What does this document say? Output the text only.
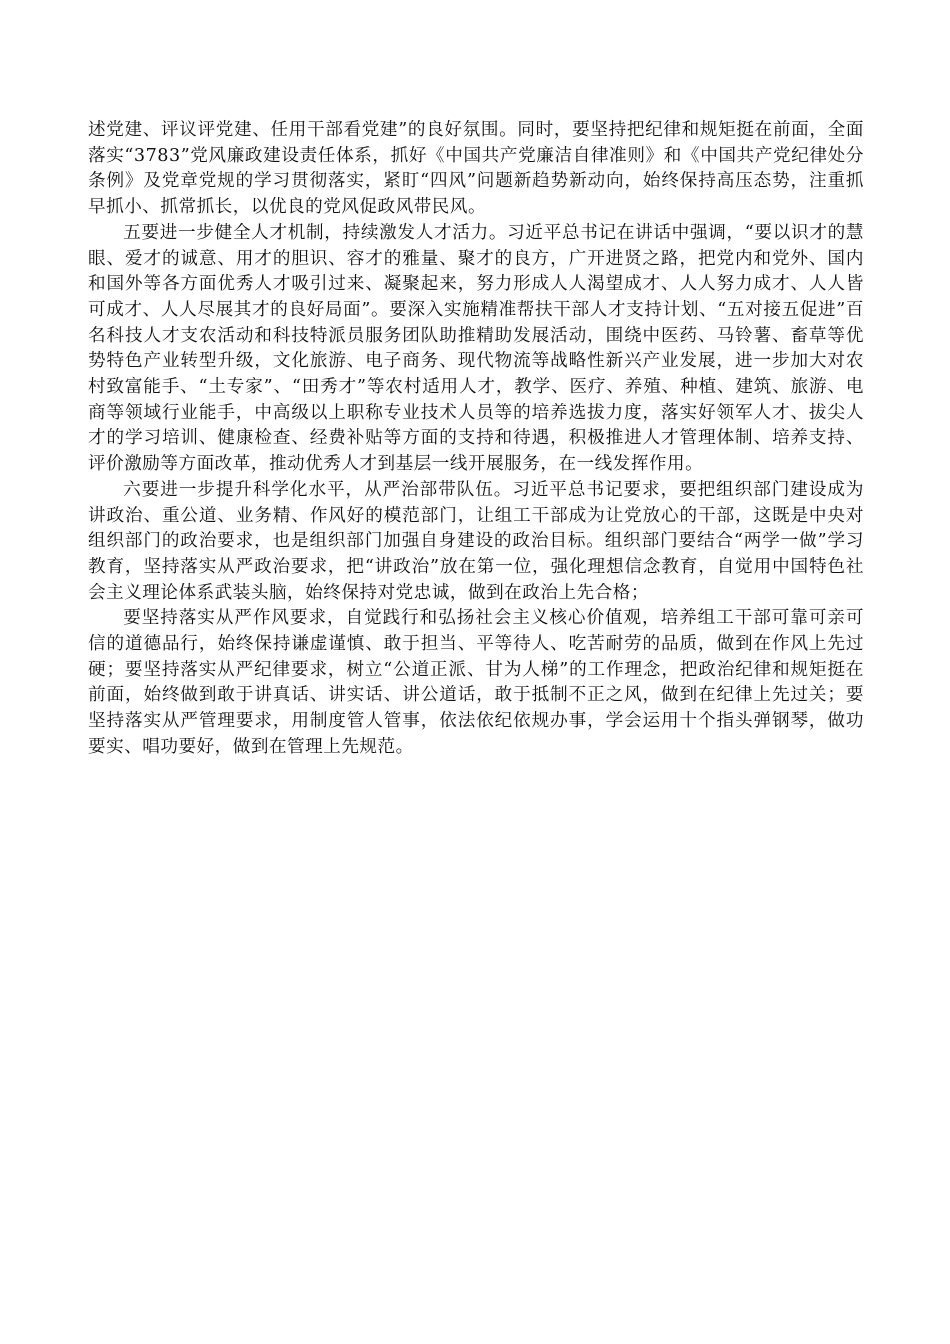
述党建、评议评党建、任用干部看党建”的良好氛围。同时，要坚持把纪律和规矩挺在前面，全面落实“3783”党风廉政建设责任体系，抓好《中国共产党廉洁自律准则》和《中国共产党纪律处分条例》及党章党规的学习贯彻落实，紧盯“四风”问题新趋势新动向，始终保持高压态势，注重抓早抓小、抓常抓长，以优良的党风促政风带民风。

五要进一步健全人才机制，持续激发人才活力。习近平总书记在讲话中强调，“要以识才的慧眼、爱才的诚意、用才的胆识、容才的雅量、聚才的良方，广开进贤之路，把党内和党外、国内和国外等各方面优秀人才吸引过来、凝聚起来，努力形成人人渴望成才、人人努力成才、人人皆可成才、人人尽展其才的良好局面”。要深入实施精准帮扶干部人才支持计划、“五对接五促进”百名科技人才支农活动和科技特派员服务团队助推精助发展活动，围绕中医药、马铃薯、畜草等优势特色产业转型升级，文化旅游、电子商务、现代物流等战略性新兴产业发展，进一步加大对农村致富能手、“土专家”、“田秀才”等农村适用人才，教学、医疗、养殖、种植、建筑、旅游、电商等领域行业能手，中高级以上职称专业技术人员等的培养选拔力度，落实好领军人才、拔尖人才的学习培训、健康检查、经费补贴等方面的支持和待遇，积极推进人才管理体制、培养支持、评价激励等方面改革，推动优秀人才到基层一线开展服务，在一线发挥作用。

六要进一步提升科学化水平，从严治部带队伍。习近平总书记要求，要把组织部门建设成为讲政治、重公道、业务精、作风好的模范部门，让组工干部成为让党放心的干部，这既是中央对组织部门的政治要求，也是组织部门加强自身建设的政治目标。组织部门要结合“两学一做”学习教育，坚持落实从严政治要求，把“讲政治”放在第一位，强化理想信念教育，自觉用中国特色社会主义理论体系武装头脑，始终保持对党忠诚，做到在政治上先合格；

要坚持落实从严作风要求，自觉践行和弘扬社会主义核心价值观，培养组工干部可靠可亲可信的道德品行，始终保持谦虚谨慎、敢于担当、平等待人、吃苦耐劳的品质，做到在作风上先过硬；要坚持落实从严纪律要求，树立“公道正派、甘为人梯”的工作理念，把政治纪律和规矩挺在前面，始终做到敢于讲真话、讲实话、讲公道话，敢于抵制不正之风，做到在纪律上先过关；要坚持落实从严管理要求，用制度管人管事，依法依纪依规办事，学会运用十个指头弹钢琴，做功要实、唱功要好，做到在管理上先规范。
